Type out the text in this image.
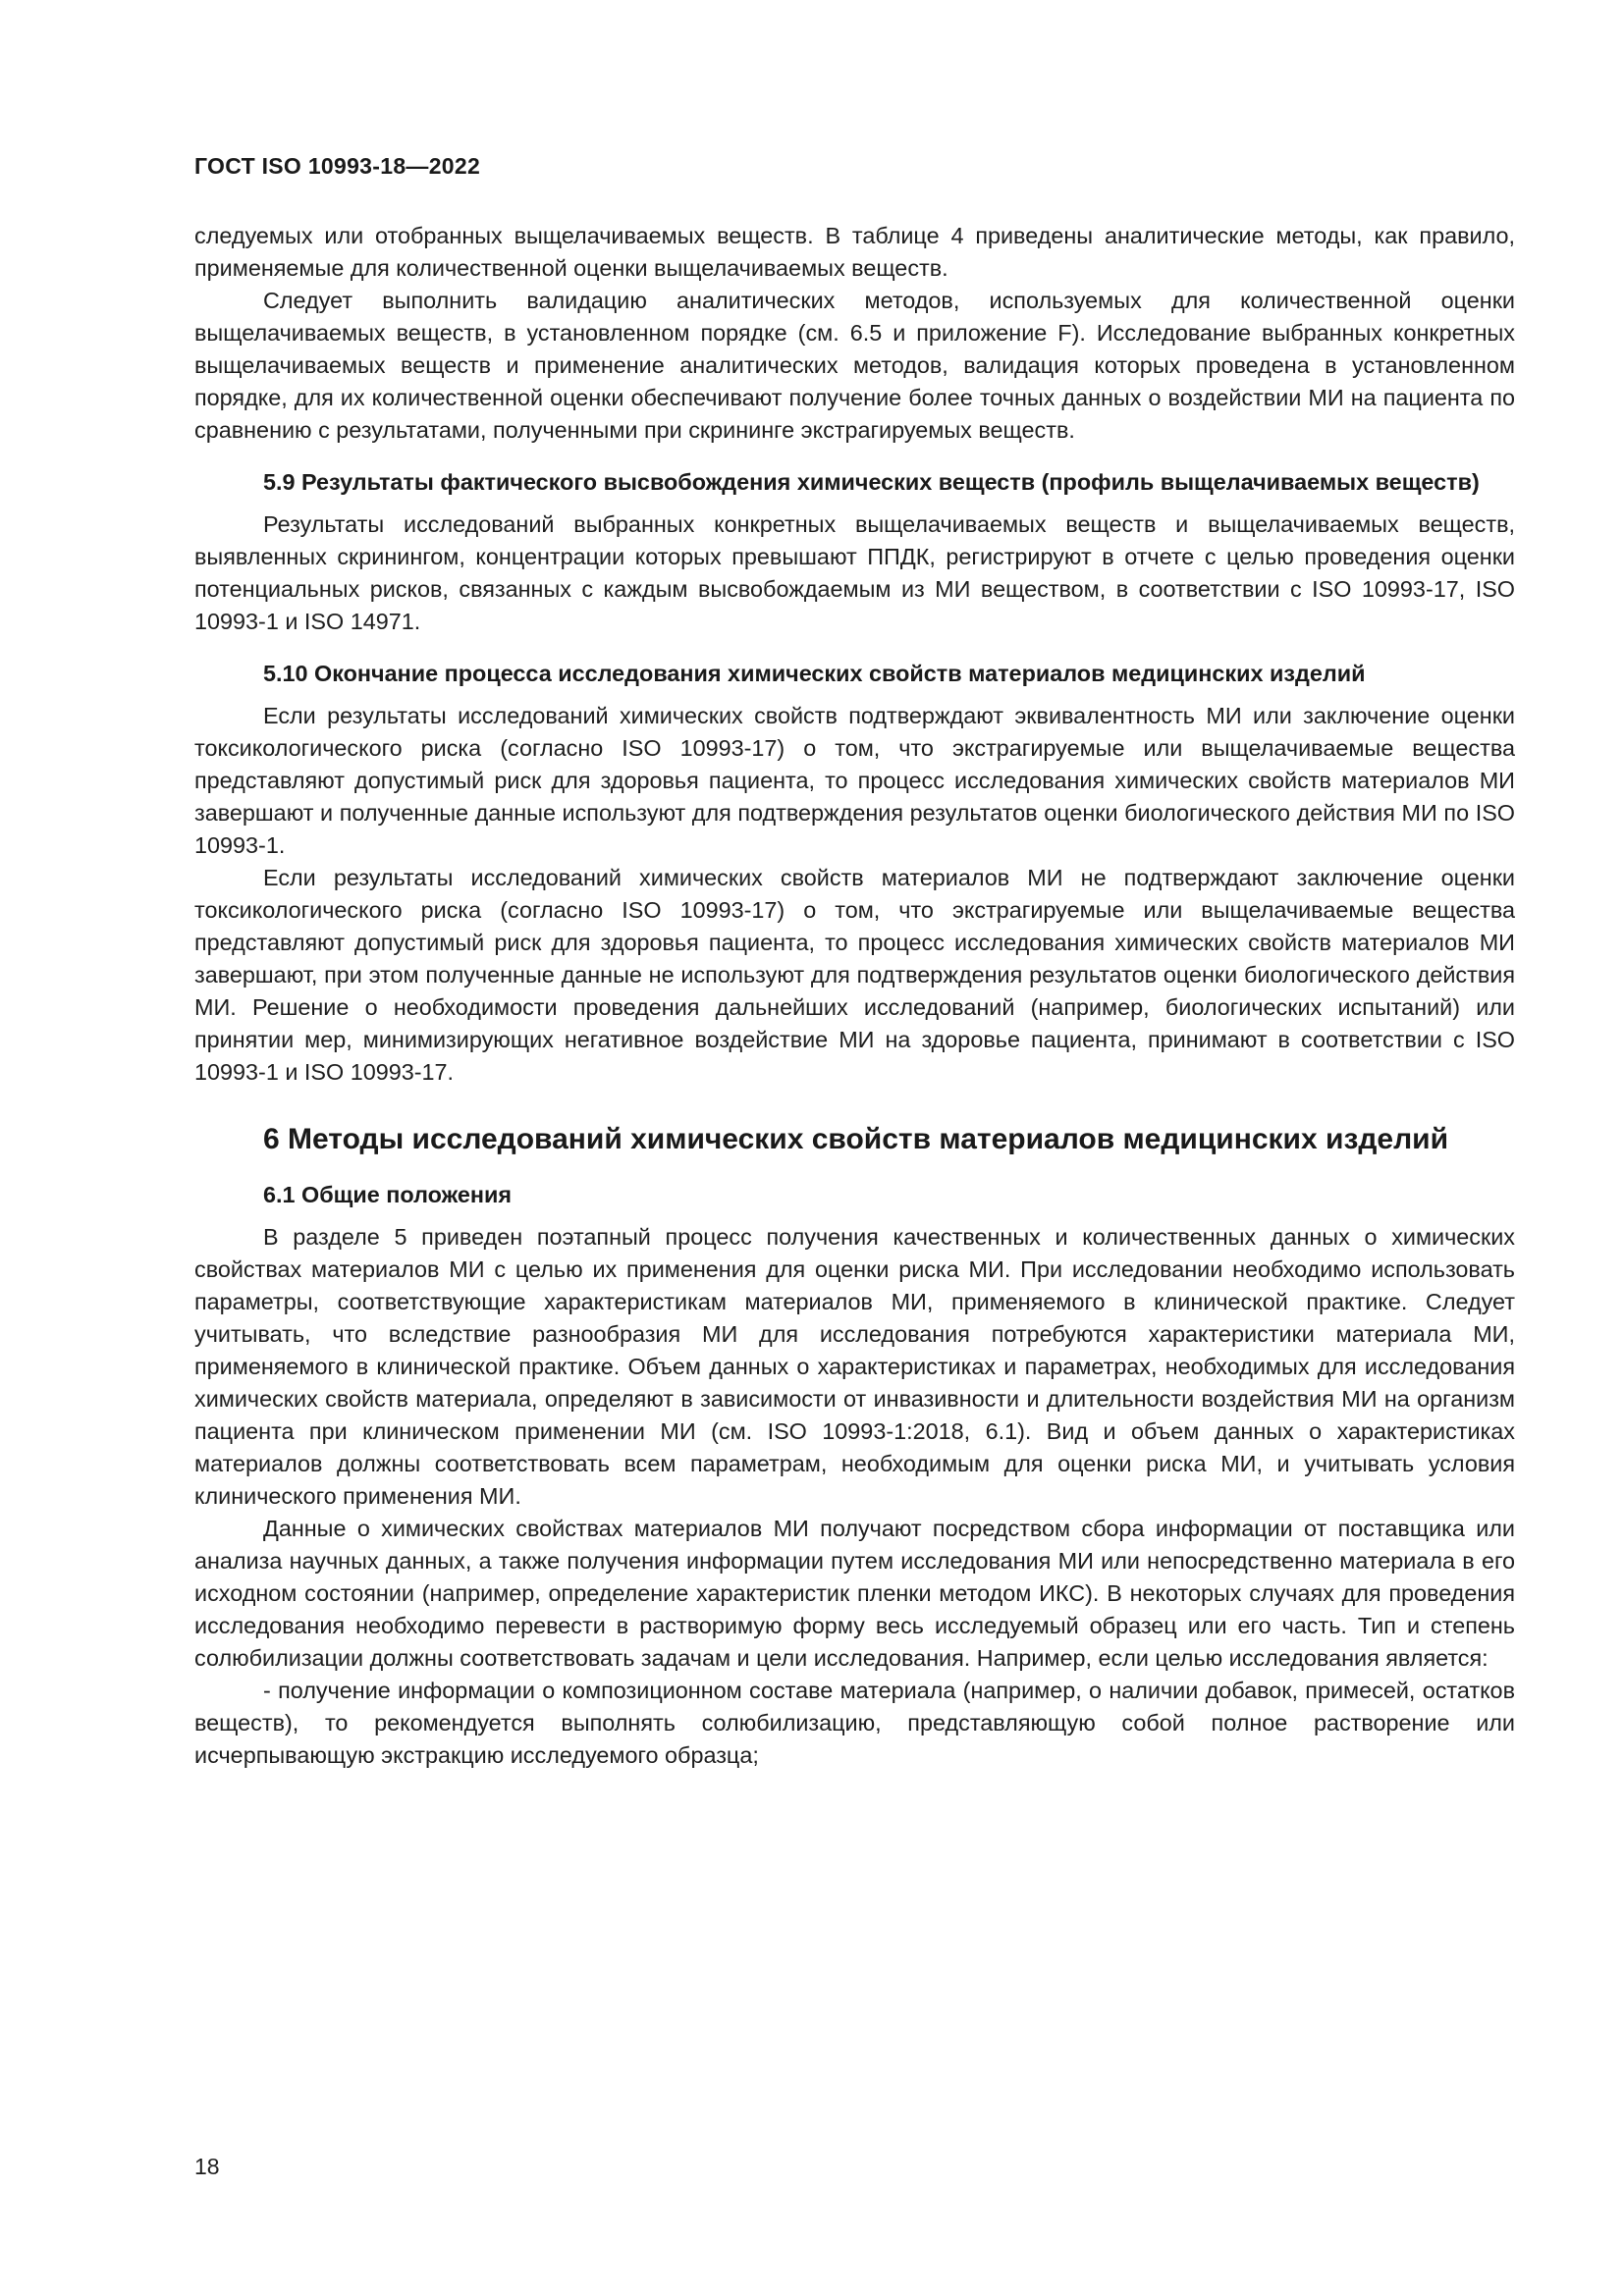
ГОСТ ISO 10993-18—2022

следуемых или отобранных выщелачиваемых веществ. В таблице 4 приведены аналитические методы, как правило, применяемые для количественной оценки выщелачиваемых веществ.

Следует выполнить валидацию аналитических методов, используемых для количественной оценки выщелачиваемых веществ, в установленном порядке (см. 6.5 и приложение F). Исследование выбранных конкретных выщелачиваемых веществ и применение аналитических методов, валидация которых проведена в установленном порядке, для их количественной оценки обеспечивают получение более точных данных о воздействии МИ на пациента по сравнению с результатами, полученными при скрининге экстрагируемых веществ.

5.9 Результаты фактического высвобождения химических веществ (профиль выщелачиваемых веществ)

Результаты исследований выбранных конкретных выщелачиваемых веществ и выщелачиваемых веществ, выявленных скринингом, концентрации которых превышают ППДК, регистрируют в отчете с целью проведения оценки потенциальных рисков, связанных с каждым высвобождаемым из МИ веществом, в соответствии с ISO 10993-17, ISO 10993-1 и ISO 14971.

5.10 Окончание процесса исследования химических свойств материалов медицинских изделий

Если результаты исследований химических свойств подтверждают эквивалентность МИ или заключение оценки токсикологического риска (согласно ISO 10993-17) о том, что экстрагируемые или выщелачиваемые вещества представляют допустимый риск для здоровья пациента, то процесс исследования химических свойств материалов МИ завершают и полученные данные используют для подтверждения результатов оценки биологического действия МИ по ISO 10993-1.

Если результаты исследований химических свойств материалов МИ не подтверждают заключение оценки токсикологического риска (согласно ISO 10993-17) о том, что экстрагируемые или выщелачиваемые вещества представляют допустимый риск для здоровья пациента, то процесс исследования химических свойств материалов МИ завершают, при этом полученные данные не используют для подтверждения результатов оценки биологического действия МИ. Решение о необходимости проведения дальнейших исследований (например, биологических испытаний) или принятии мер, минимизирующих негативное воздействие МИ на здоровье пациента, принимают в соответствии с ISO 10993-1 и ISO 10993-17.

6 Методы исследований химических свойств материалов медицинских изделий
6.1 Общие положения

В разделе 5 приведен поэтапный процесс получения качественных и количественных данных о химических свойствах материалов МИ с целью их применения для оценки риска МИ. При исследовании необходимо использовать параметры, соответствующие характеристикам материалов МИ, применяемого в клинической практике. Следует учитывать, что вследствие разнообразия МИ для исследования потребуются характеристики материала МИ, применяемого в клинической практике. Объем данных о характеристиках и параметрах, необходимых для исследования химических свойств материала, определяют в зависимости от инвазивности и длительности воздействия МИ на организм пациента при клиническом применении МИ (см. ISO 10993-1:2018, 6.1). Вид и объем данных о характеристиках материалов должны соответствовать всем параметрам, необходимым для оценки риска МИ, и учитывать условия клинического применения МИ.

Данные о химических свойствах материалов МИ получают посредством сбора информации от поставщика или анализа научных данных, а также получения информации путем исследования МИ или непосредственно материала в его исходном состоянии (например, определение характеристик пленки методом ИКС). В некоторых случаях для проведения исследования необходимо перевести в растворимую форму весь исследуемый образец или его часть. Тип и степень солюбилизации должны соответствовать задачам и цели исследования. Например, если целью исследования является:

- получение информации о композиционном составе материала (например, о наличии добавок, примесей, остатков веществ), то рекомендуется выполнять солюбилизацию, представляющую собой полное растворение или исчерпывающую экстракцию исследуемого образца;

18
